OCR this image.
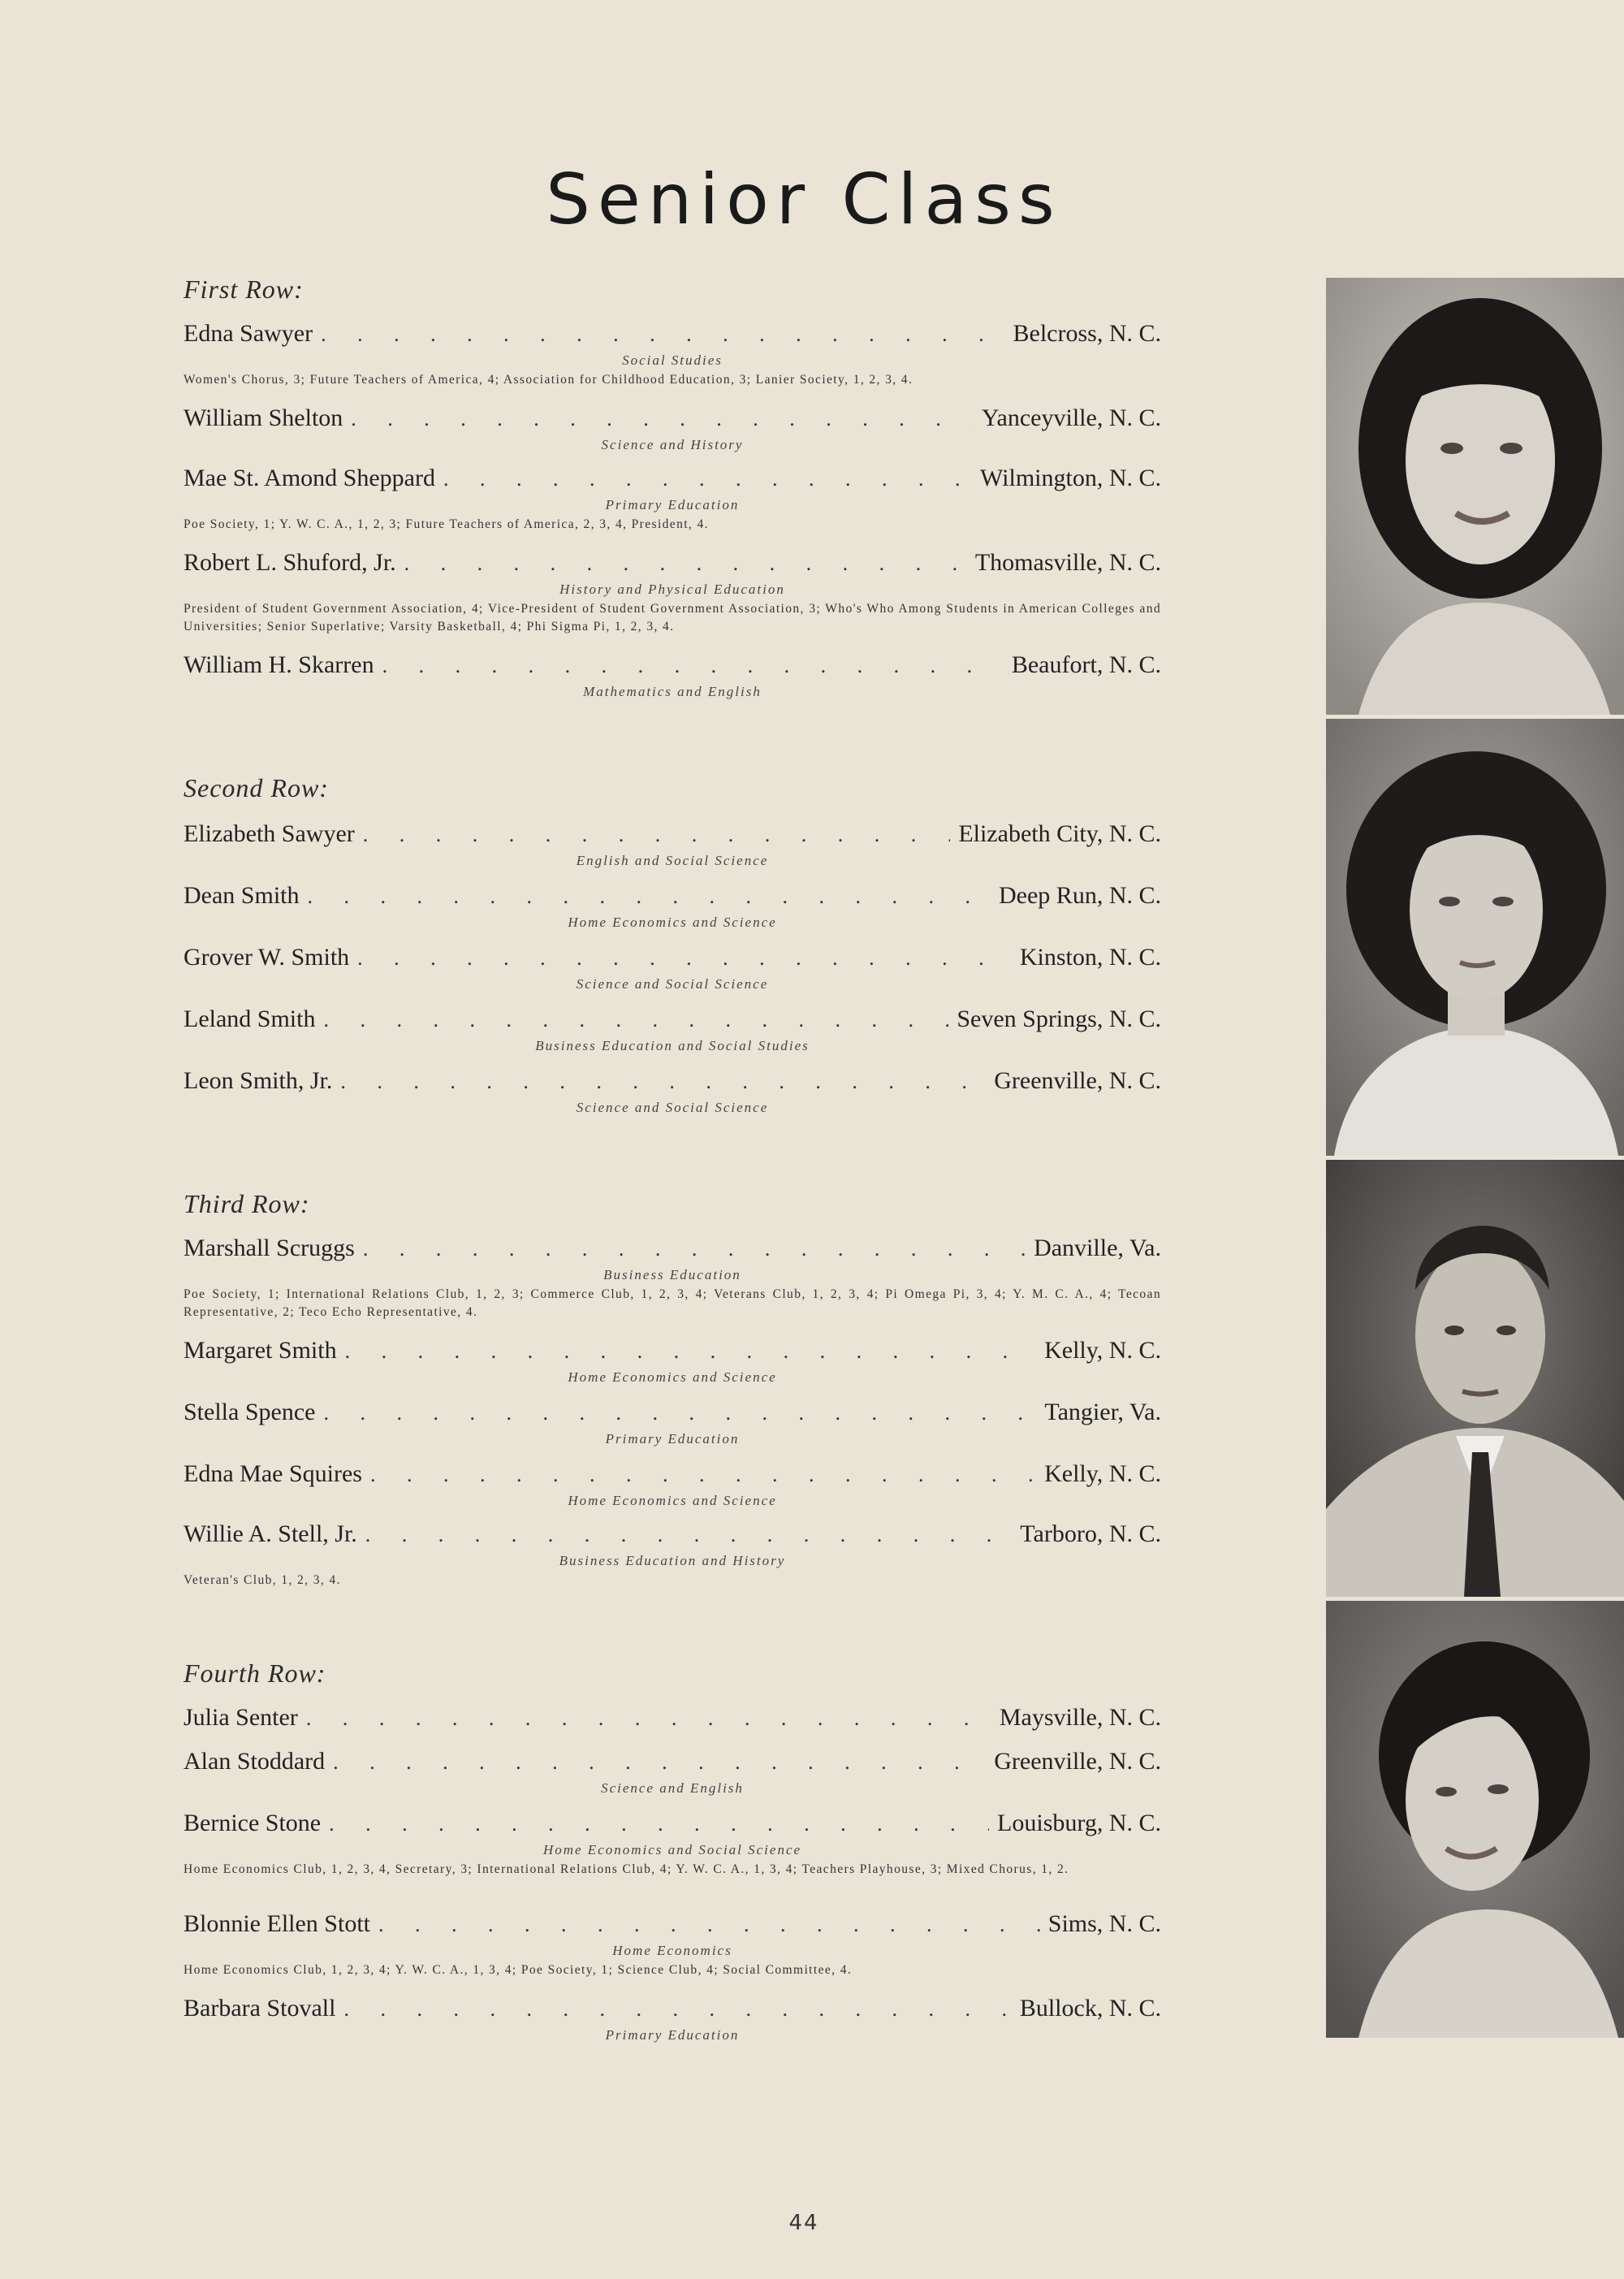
Senior Class
First Row:
Edna Sawyer . . .	Belcross, N. C.
Social Studies
Women's Chorus, 3; Future Teachers of America, 4; Association for Childhood Education, 3; Lanier Society, 1, 2, 3, 4.
William Shelton . . .	Yanceyville, N. C.
Science and History
Mae St. Amond Sheppard . . .	Wilmington, N. C.
Primary Education
Poe Society, 1; Y. W. C. A., 1, 2, 3; Future Teachers of America, 2, 3, 4, President, 4.
Robert L. Shuford, Jr. . . .	Thomasville, N. C.
History and Physical Education
President of Student Government Association, 4; Vice-President of Student Government Association, 3; Who's Who Among Students in American Colleges and Universities; Senior Superlative; Varsity Basketball, 4; Phi Sigma Pi, 1, 2, 3, 4.
William H. Skarren . . .	Beaufort, N. C.
Mathematics and English
Second Row:
Elizabeth Sawyer . . .	Elizabeth City, N. C.
English and Social Science
Dean Smith . . .	Deep Run, N. C.
Home Economics and Science
Grover W. Smith . . .	Kinston, N. C.
Science and Social Science
Leland Smith . . .	Seven Springs, N. C.
Business Education and Social Studies
Leon Smith, Jr. . . .	Greenville, N. C.
Science and Social Science
Third Row:
Marshall Scruggs . . .	Danville, Va.
Business Education
Poe Society, 1; International Relations Club, 1, 2, 3; Commerce Club, 1, 2, 3, 4; Veterans Club, 1, 2, 3, 4; Pi Omega Pi, 3, 4; Y. M. C. A., 4; Tecoan Representative, 2; Teco Echo Representative, 4.
Margaret Smith . . .	Kelly, N. C.
Home Economics and Science
Stella Spence . . .	Tangier, Va.
Primary Education
Edna Mae Squires . . .	Kelly, N. C.
Home Economics and Science
Willie A. Stell, Jr. . . .	Tarboro, N. C.
Business Education and History
Veteran's Club, 1, 2, 3, 4.
Fourth Row:
Julia Senter . . .	Maysville, N. C.
Alan Stoddard . . .	Greenville, N. C.
Science and English
Bernice Stone . . .	Louisburg, N. C.
Home Economics and Social Science
Home Economics Club, 1, 2, 3, 4, Secretary, 3; International Relations Club, 4; Y. W. C. A., 1, 3, 4; Teachers Playhouse, 3; Mixed Chorus, 1, 2.
Blonnie Ellen Stott . . .	Sims, N. C.
Home Economics
Home Economics Club, 1, 2, 3, 4; Y. W. C. A., 1, 3, 4; Poe Society, 1; Science Club, 4; Social Committee, 4.
Barbara Stovall . . .	Bullock, N. C.
Primary Education
44
